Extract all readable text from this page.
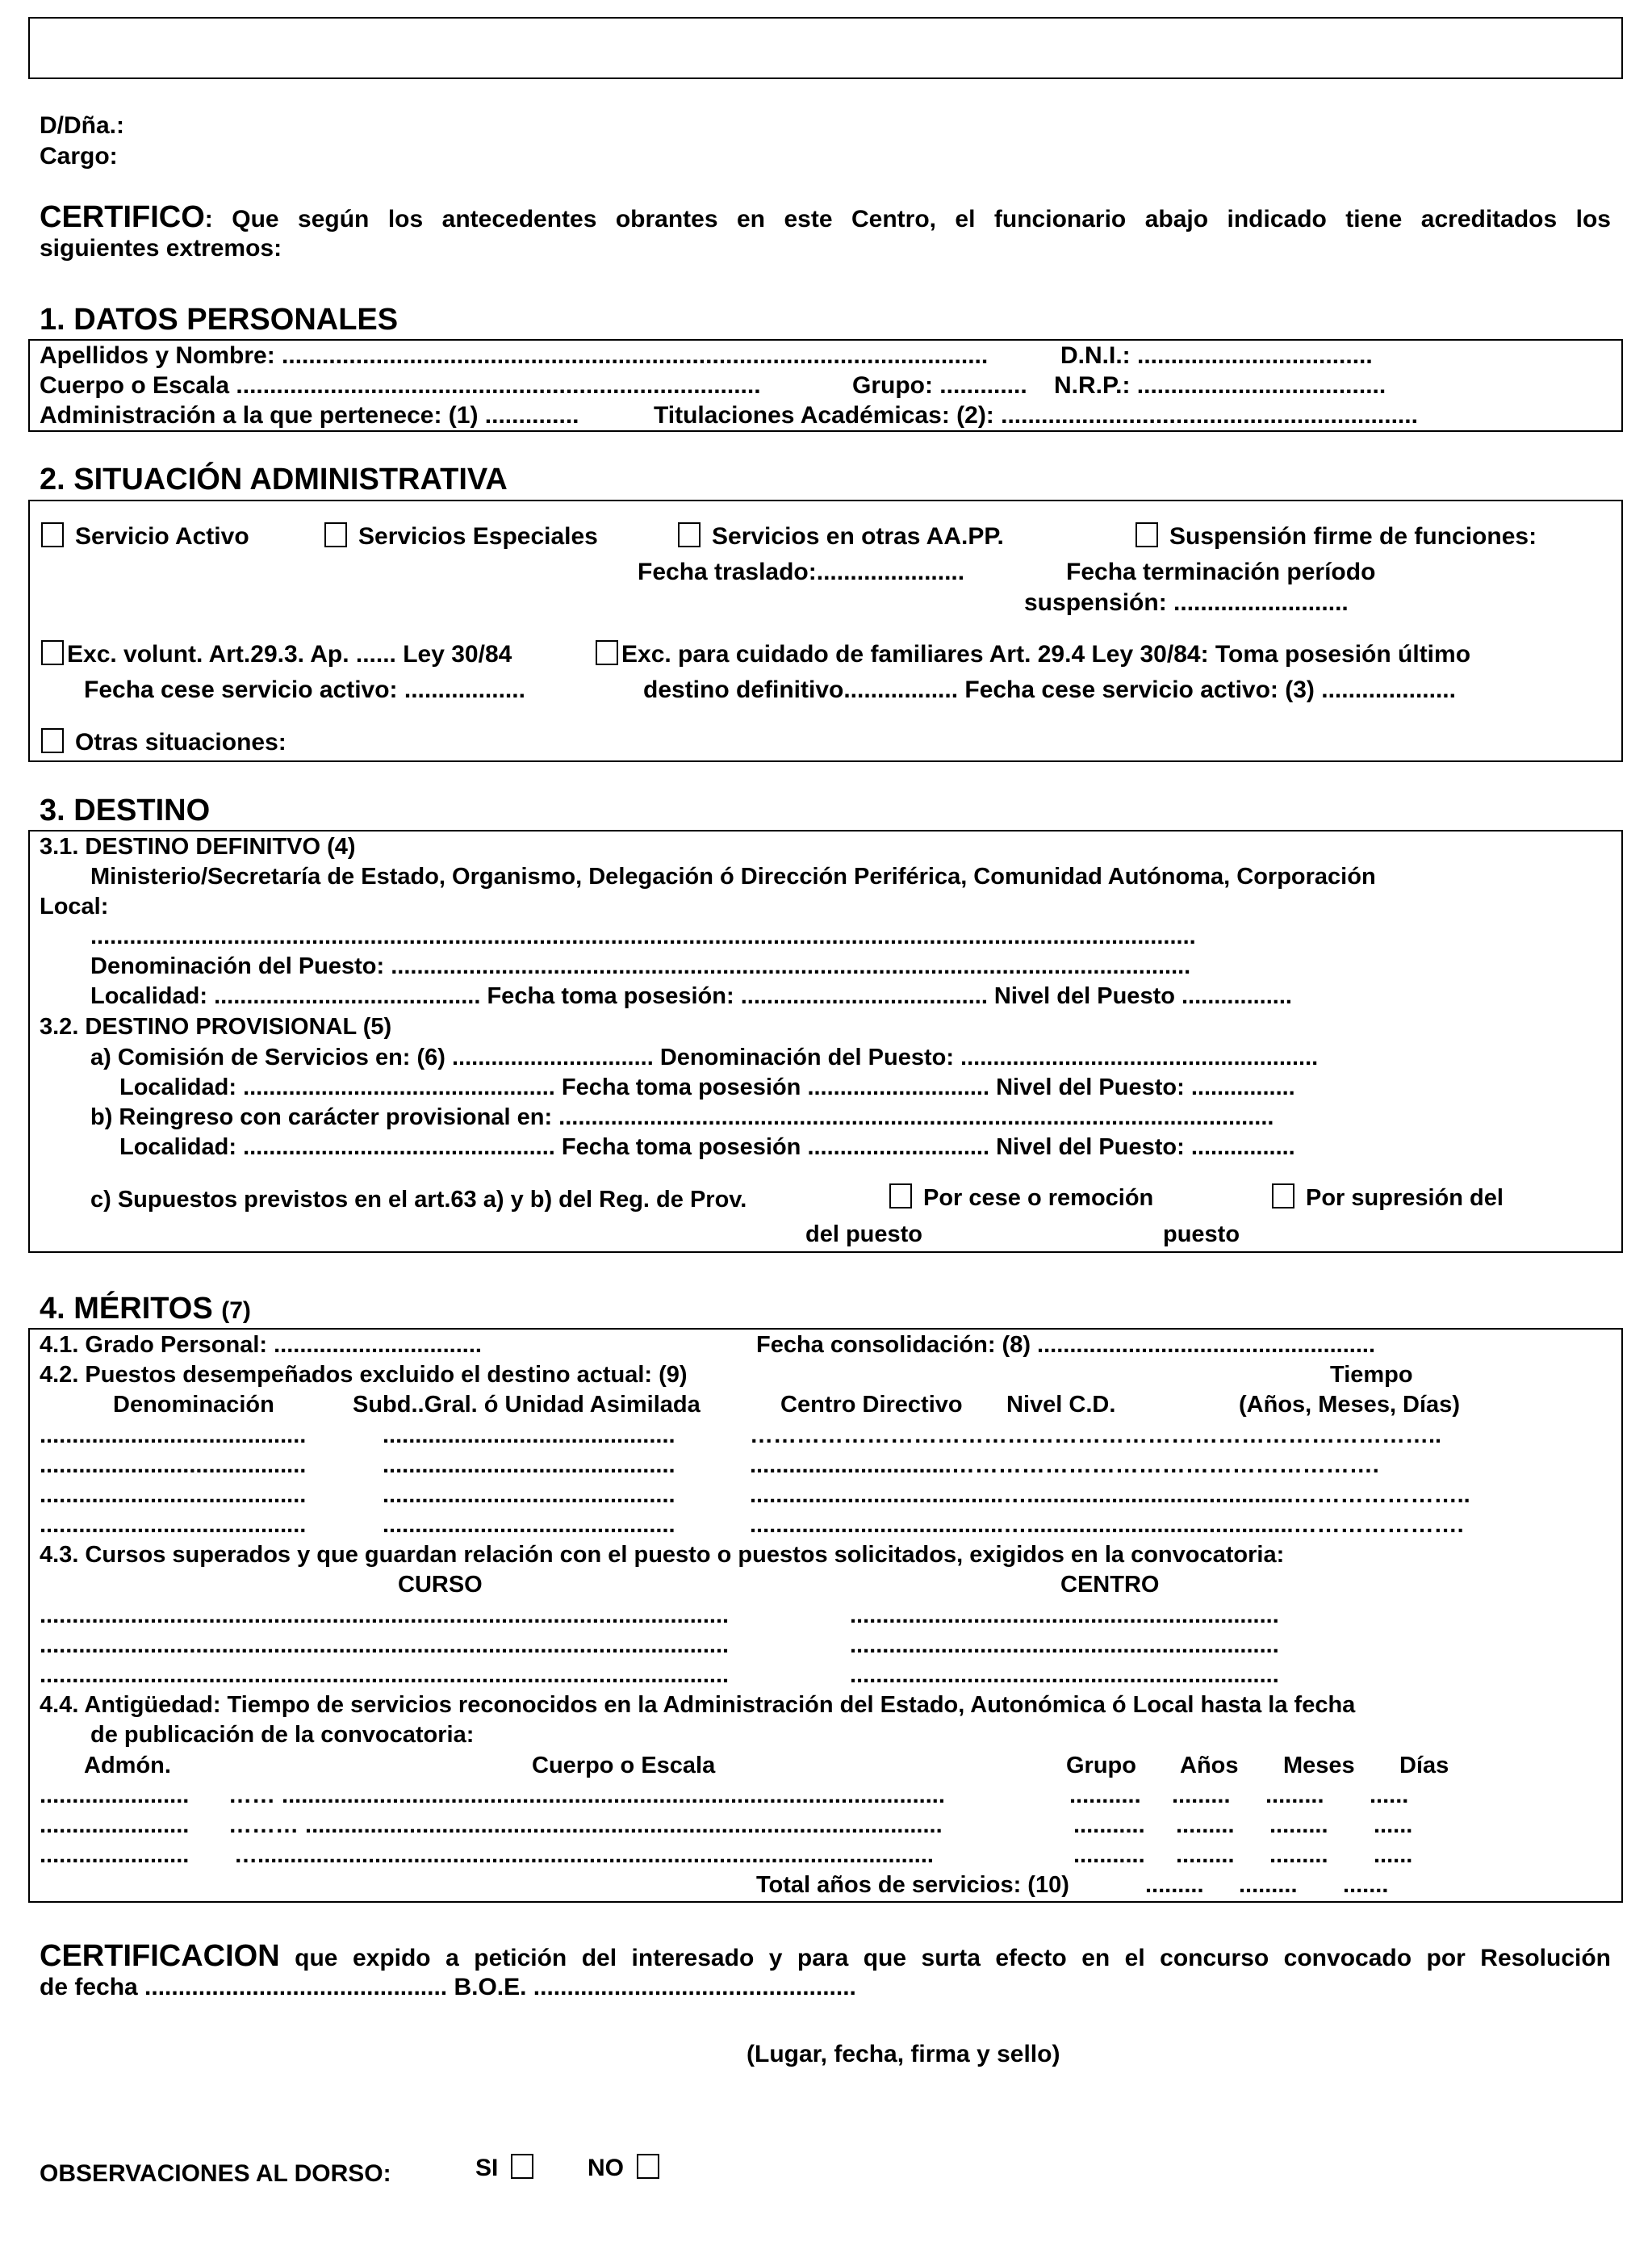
D/Dña.:
Cargo:
CERTIFICO: Que según los antecedentes obrantes en este Centro, el funcionario abajo indicado tiene acreditados los
siguientes extremos:
1. DATOS PERSONALES
Apellidos y Nombre: .........................................................................................................	D.N.I.: ...................................
Cuerpo o Escala ..............................................................................	Grupo: ............. N.R.P.: .....................................
Administración a la que pertenece: (1) ..............	Titulaciones Académicas: (2): ..............................................................
2. SITUACIÓN ADMINISTRATIVA
Servicio Activo	Servicios Especiales	Servicios en otras AA.PP.	Suspensión firme de funciones:
Fecha traslado:......................	Fecha terminación período
suspensión: ..........................
Exc. volunt. Art.29.3. Ap. ...... Ley 30/84	Exc. para cuidado de familiares Art. 29.4 Ley 30/84: Toma posesión último
Fecha cese servicio activo: ..................	destino definitivo................. Fecha cese servicio activo: (3) ....................
Otras situaciones:
3. DESTINO
3.1. DESTINO DEFINITVO (4)
Ministerio/Secretaría de Estado, Organismo, Delegación ó Dirección Periférica, Comunidad Autónoma, Corporación
Local:
..........................................................................................................................................................................
Denominación del Puesto: ...........................................................................................................................
Localidad: ......................................... Fecha toma posesión: ...................................... Nivel del Puesto .................
3.2. DESTINO PROVISIONAL (5)
a) Comisión de Servicios en: (6) ............................... Denominación del Puesto: .......................................................
Localidad: ................................................ Fecha toma posesión ............................ Nivel del Puesto: ................
b) Reingreso con carácter provisional en: ..............................................................................................................
Localidad: ................................................ Fecha toma posesión ............................ Nivel del Puesto: ................
c) Supuestos previstos en el art.63 a) y b) del Reg. de Prov.	Por cese o remoción	Por supresión del
del puesto	puesto
4. MÉRITOS (7)
4.1. Grado Personal: ................................	Fecha consolidación: (8) ....................................................
4.2. Puestos desempeñados excluido el destino actual: (9)	Tiempo
Denominación	Subd..Gral. ó Unidad Asimilada	Centro Directivo Nivel C.D.	(Años, Meses, Días)
.........................................	.............................................	……………………………………………………………………………..
.........................................	.............................................	...............................……………………………………………….
.........................................	.............................................	.......................................….........................................…………………..
.........................................	.............................................	.......................................….........................................………………….
4.3. Cursos superados y que guardan relación con el puesto o puestos solicitados, exigidos en la convocatoria:
CURSO	CENTRO
..........................................................................................................	..................................................................
..........................................................................................................	..................................................................
..........................................................................................................	..................................................................
4.4. Antigüedad: Tiempo de servicios reconocidos en la Administración del Estado, Autonómica ó Local hasta la fecha
de publicación de la convocatoria:
Admón.	Cuerpo o Escala	Grupo Años Meses Días
....................... …… ......................................................................................................	........... ......... ......... ......
....................... ……… ..................................................................................................	........... ......... ......... ......
....................... …........................................................................................................	........... ......... ......... ......
Total años de servicios: (10)	......... ......... .......
CERTIFICACION que expido a petición del interesado y para que surta efecto en el concurso convocado por Resolución
de fecha ............................................. B.O.E. ................................................
(Lugar, fecha, firma y sello)
OBSERVACIONES AL DORSO:	SI	NO
